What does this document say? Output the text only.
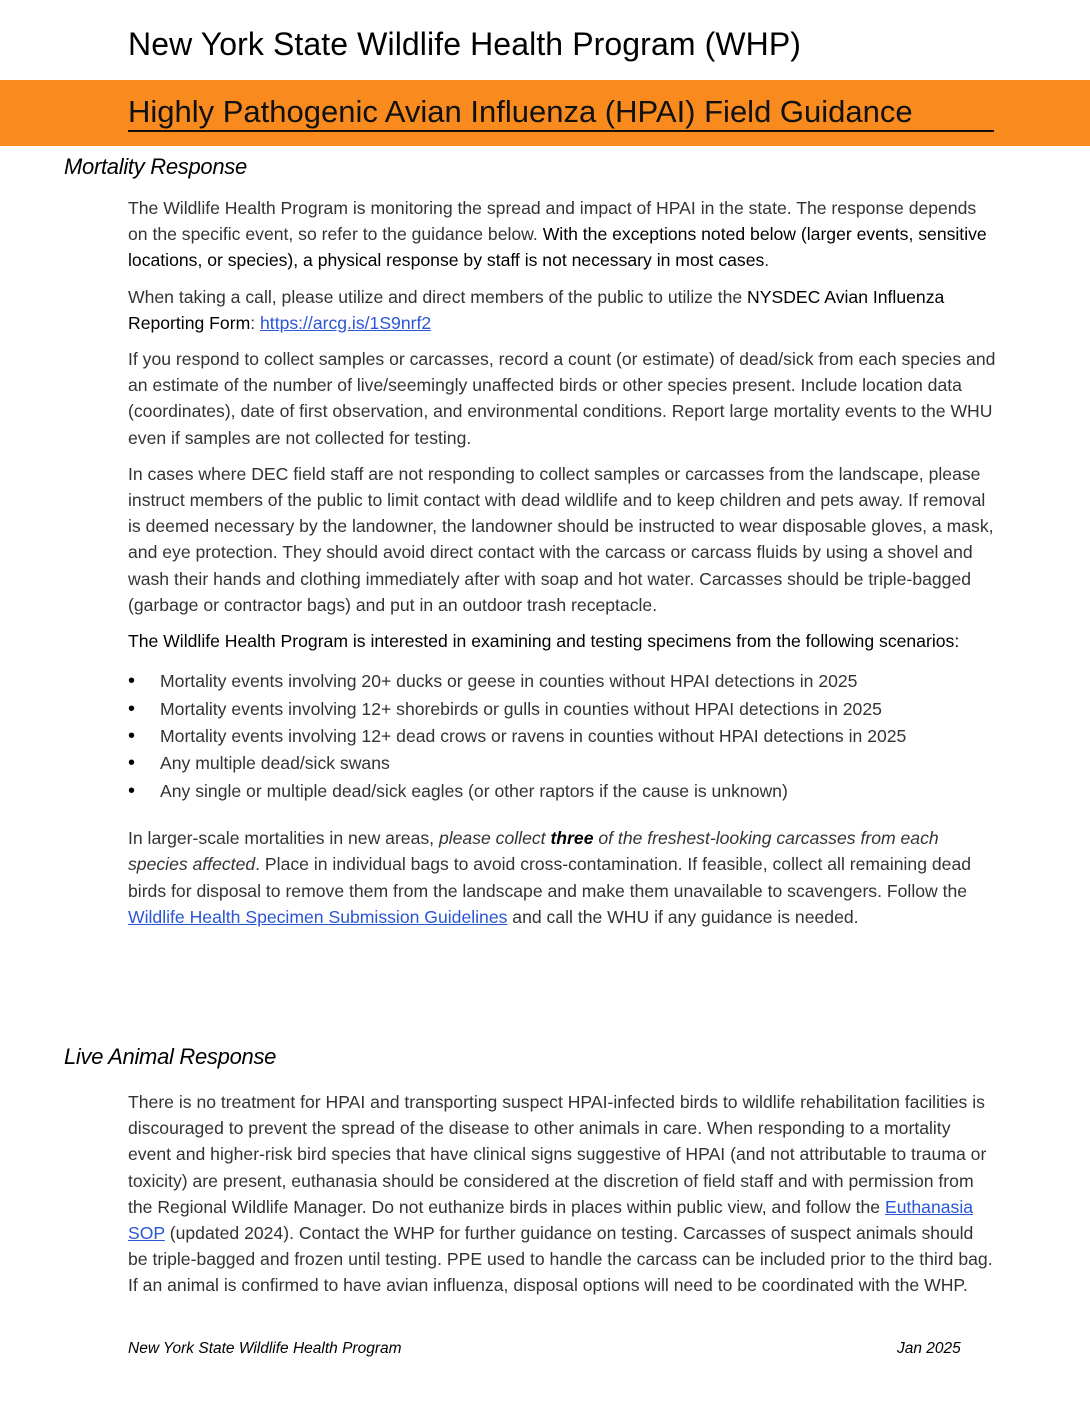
New York State Wildlife Health Program (WHP)
Highly Pathogenic Avian Influenza (HPAI) Field Guidance
Mortality Response

The Wildlife Health Program is monitoring the spread and impact of HPAI in the state. The response depends on the specific event, so refer to the guidance below. With the exceptions noted below (larger events, sensitive locations, or species), a physical response by staff is not necessary in most cases.

When taking a call, please utilize and direct members of the public to utilize the NYSDEC Avian Influenza Reporting Form: https://arcg.is/1S9nrf2

If you respond to collect samples or carcasses, record a count (or estimate) of dead/sick from each species and an estimate of the number of live/seemingly unaffected birds or other species present. Include location data (coordinates), date of first observation, and environmental conditions. Report large mortality events to the WHU even if samples are not collected for testing.

In cases where DEC field staff are not responding to collect samples or carcasses from the landscape, please instruct members of the public to limit contact with dead wildlife and to keep children and pets away. If removal is deemed necessary by the landowner, the landowner should be instructed to wear disposable gloves, a mask, and eye protection. They should avoid direct contact with the carcass or carcass fluids by using a shovel and wash their hands and clothing immediately after with soap and hot water. Carcasses should be triple-bagged (garbage or contractor bags) and put in an outdoor trash receptacle.

The Wildlife Health Program is interested in examining and testing specimens from the following scenarios:

• Mortality events involving 20+ ducks or geese in counties without HPAI detections in 2025
• Mortality events involving 12+ shorebirds or gulls in counties without HPAI detections in 2025
• Mortality events involving 12+ dead crows or ravens in counties without HPAI detections in 2025
• Any multiple dead/sick swans
• Any single or multiple dead/sick eagles (or other raptors if the cause is unknown)

In larger-scale mortalities in new areas, please collect three of the freshest-looking carcasses from each species affected. Place in individual bags to avoid cross-contamination. If feasible, collect all remaining dead birds for disposal to remove them from the landscape and make them unavailable to scavengers. Follow the Wildlife Health Specimen Submission Guidelines and call the WHU if any guidance is needed.

Live Animal Response

There is no treatment for HPAI and transporting suspect HPAI-infected birds to wildlife rehabilitation facilities is discouraged to prevent the spread of the disease to other animals in care. When responding to a mortality event and higher-risk bird species that have clinical signs suggestive of HPAI (and not attributable to trauma or toxicity) are present, euthanasia should be considered at the discretion of field staff and with permission from the Regional Wildlife Manager. Do not euthanize birds in places within public view, and follow the Euthanasia SOP (updated 2024). Contact the WHP for further guidance on testing. Carcasses of suspect animals should be triple-bagged and frozen until testing. PPE used to handle the carcass can be included prior to the third bag. If an animal is confirmed to have avian influenza, disposal options will need to be coordinated with the WHP.

New York State Wildlife Health Program	Jan 2025
